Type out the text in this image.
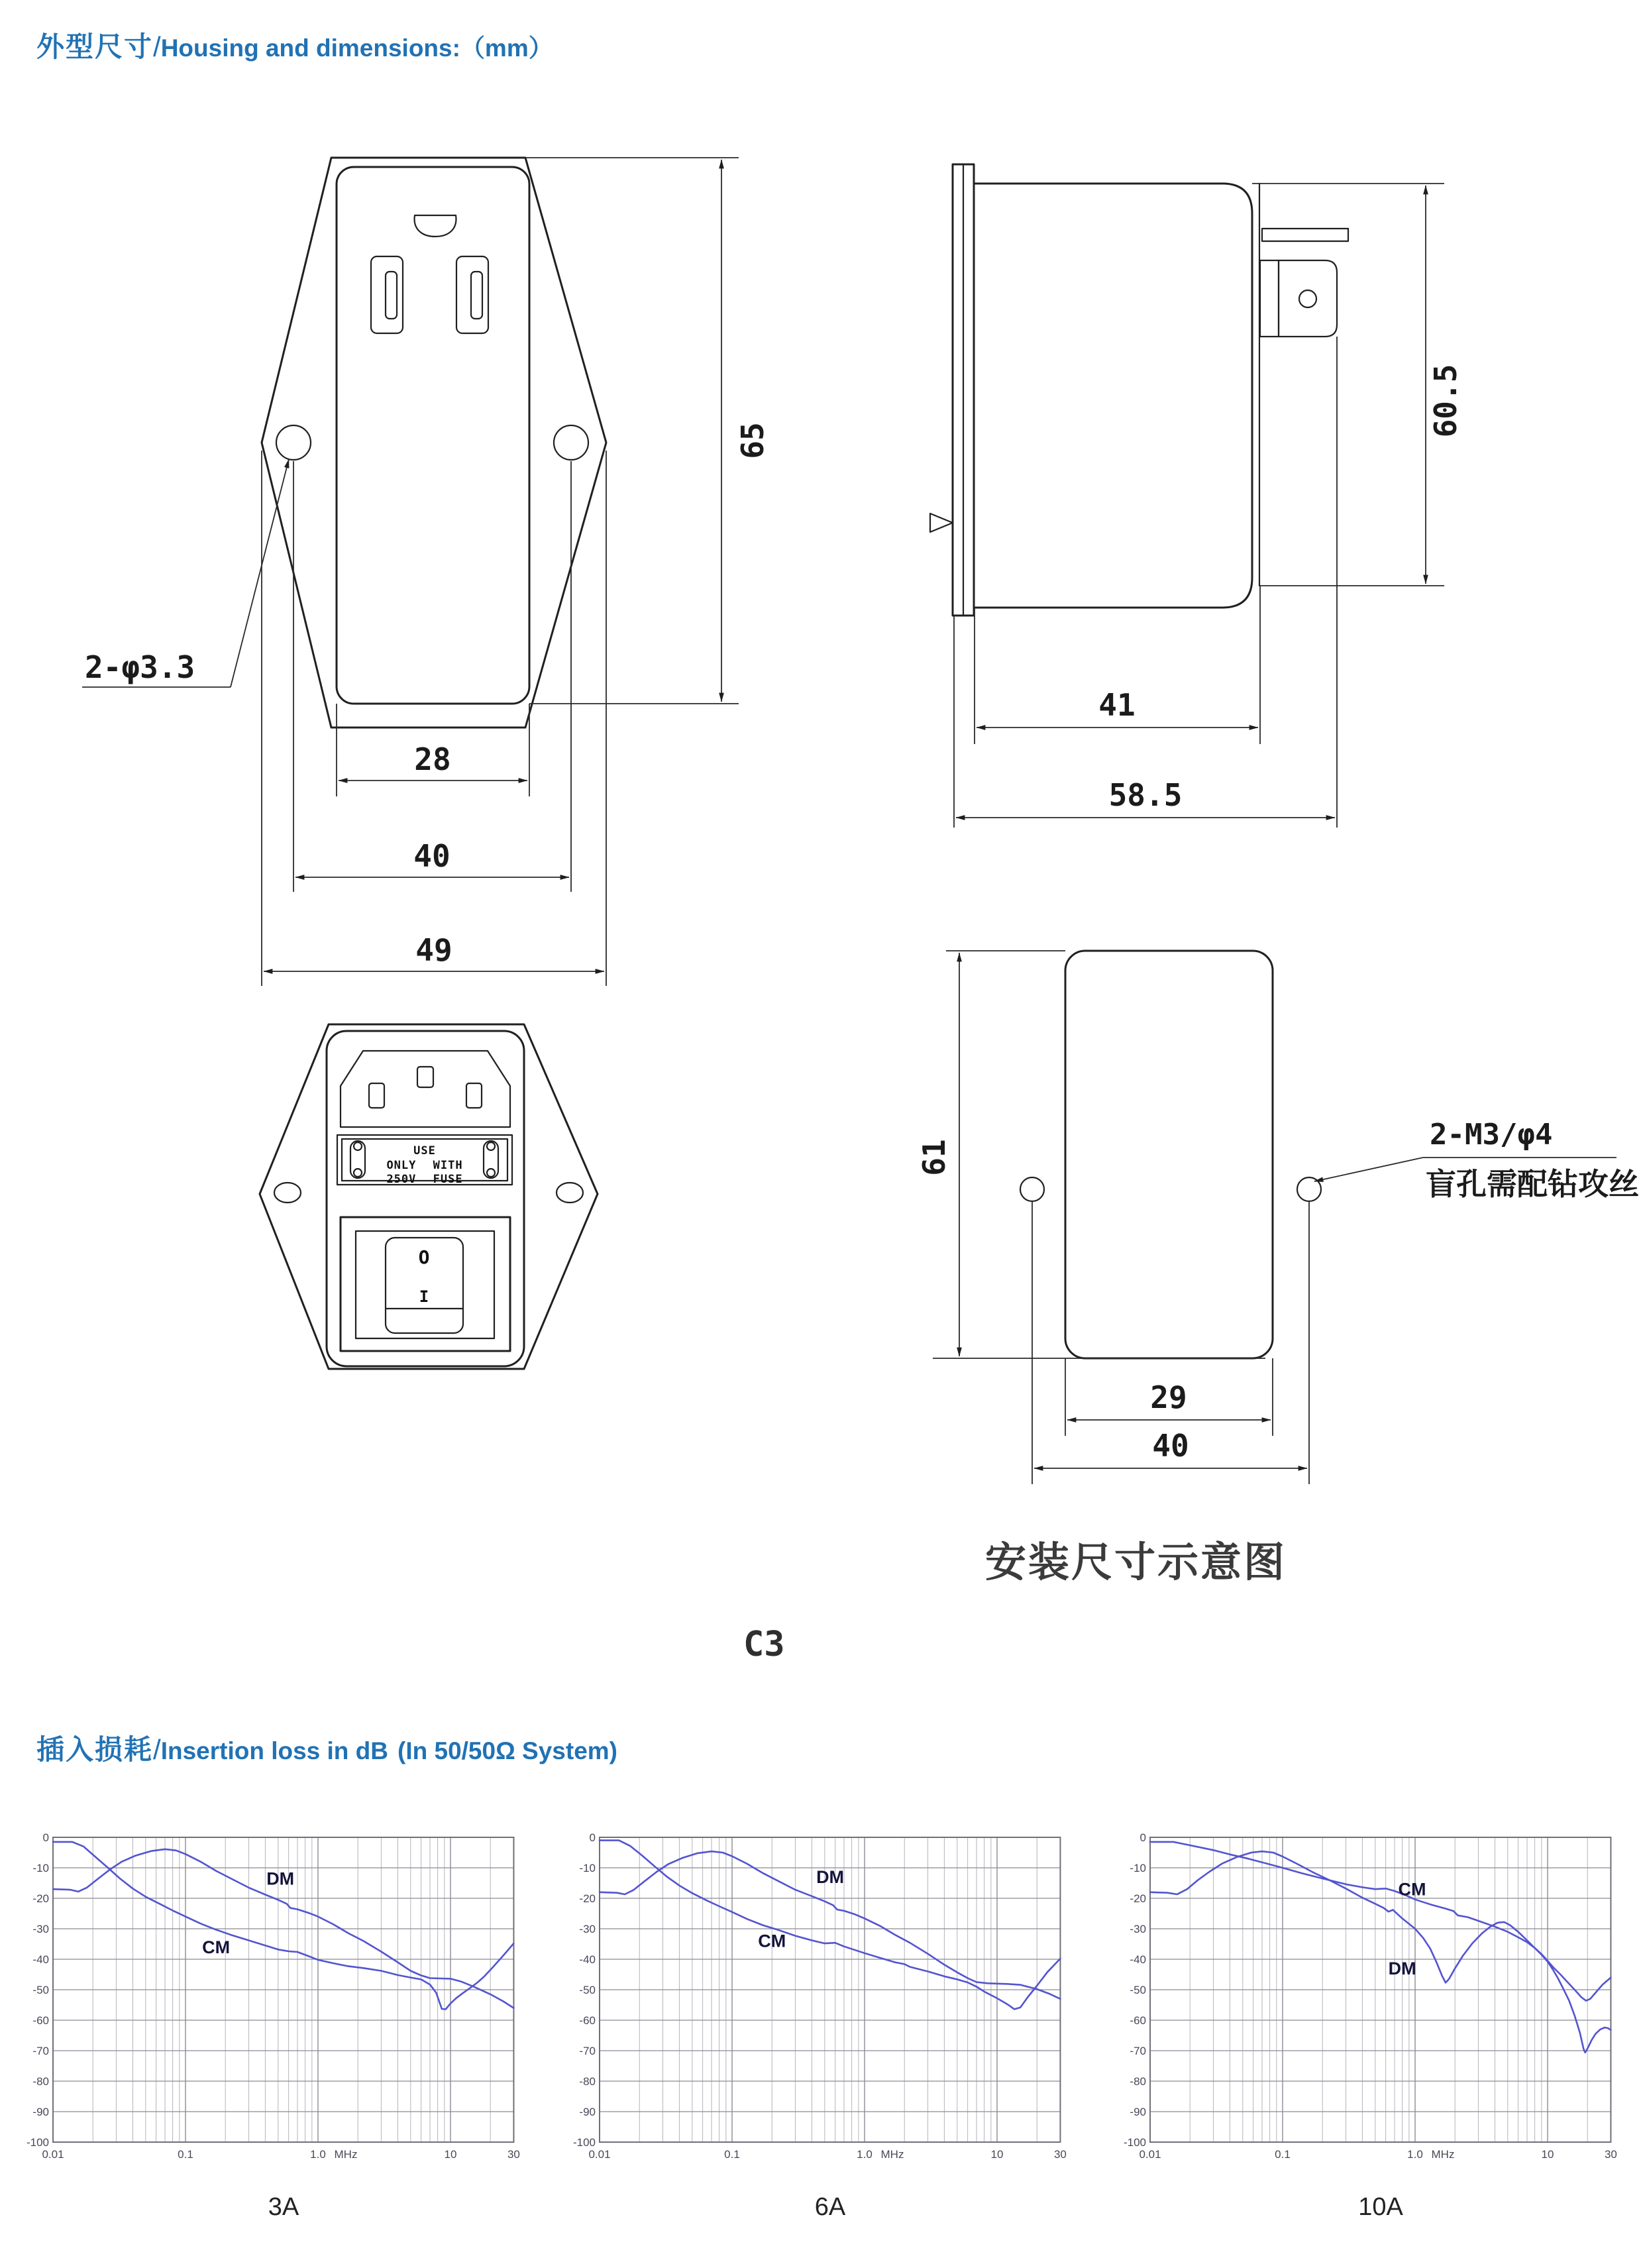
外型尺寸/Housing and dimensions:（mm）
2-φ3.3
65
28
40
49
60.5
41
58.5
USE
ONLY WITH
250V FUSE
O
I
61
29
40
2-M3/φ4
盲孔需配钻攻丝
安装尺寸示意图
C3
插入损耗/Insertion loss in dB (In 50/50Ω System)
DM
CM
0
-10
-20
-30
-40
-50
-60
-70
-80
-90
-100
0.01	0.1	1.0 MHz	10	30
3A
DM
CM
0
-10
-20
-30
-40
-50
-60
-70
-80
-90
-100
0.01	0.1	1.0 MHz	10	30
6A
CM
DM
0
-10
-20
-30
-40
-50
-60
-70
-80
-90
-100
0.01	0.1	1.0 MHz	10	30
10A
